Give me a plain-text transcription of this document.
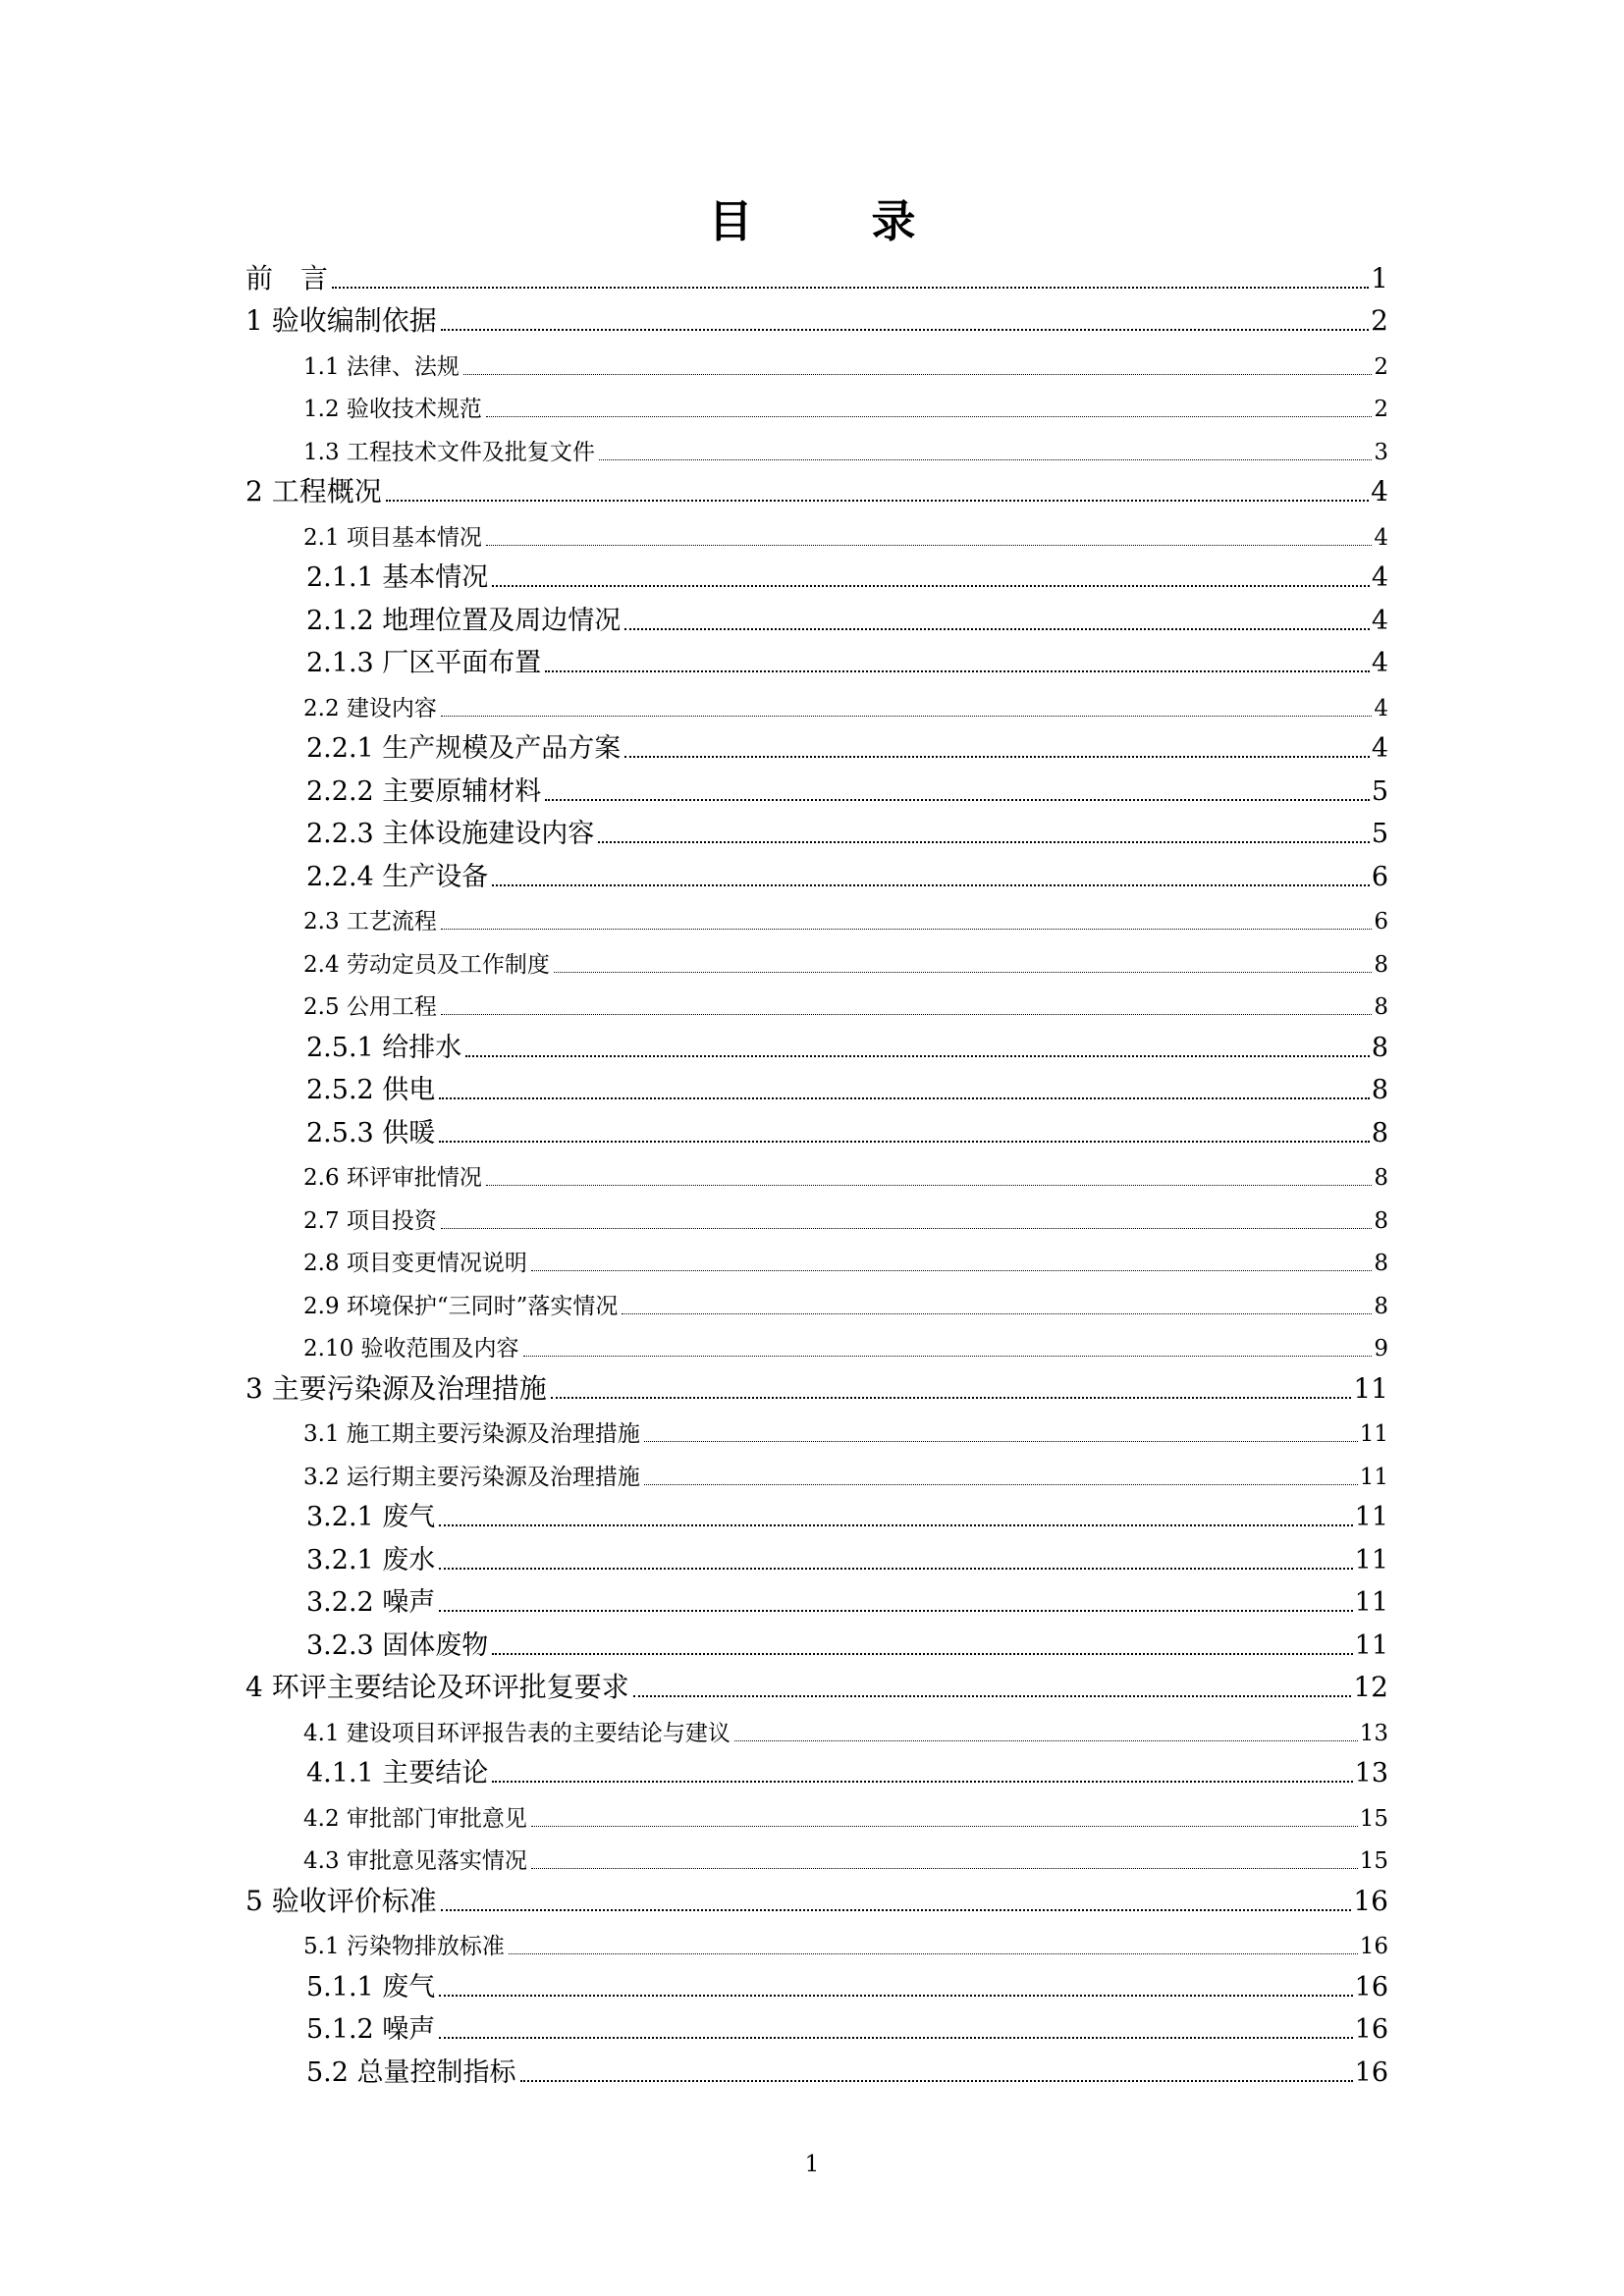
目　录
前　言	1
1 验收编制依据	2
1.1 法律、法规	2
1.2 验收技术规范	2
1.3 工程技术文件及批复文件	3
2 工程概况	4
2.1 项目基本情况	4
2.1.1 基本情况	4
2.1.2 地理位置及周边情况	4
2.1.3 厂区平面布置	4
2.2 建设内容	4
2.2.1 生产规模及产品方案	4
2.2.2 主要原辅材料	5
2.2.3 主体设施建设内容	5
2.2.4 生产设备	6
2.3 工艺流程	6
2.4 劳动定员及工作制度	8
2.5 公用工程	8
2.5.1 给排水	8
2.5.2 供电	8
2.5.3 供暖	8
2.6 环评审批情况	8
2.7 项目投资	8
2.8 项目变更情况说明	8
2.9 环境保护“三同时”落实情况	8
2.10 验收范围及内容	9
3 主要污染源及治理措施	11
3.1 施工期主要污染源及治理措施	11
3.2 运行期主要污染源及治理措施	11
3.2.1 废气	11
3.2.1 废水	11
3.2.2 噪声	11
3.2.3 固体废物	11
4 环评主要结论及环评批复要求	12
4.1 建设项目环评报告表的主要结论与建议	13
4.1.1 主要结论	13
4.2 审批部门审批意见	15
4.3 审批意见落实情况	15
5 验收评价标准	16
5.1 污染物排放标准	16
5.1.1 废气	16
5.1.2 噪声	16
5.2 总量控制指标	16
1
